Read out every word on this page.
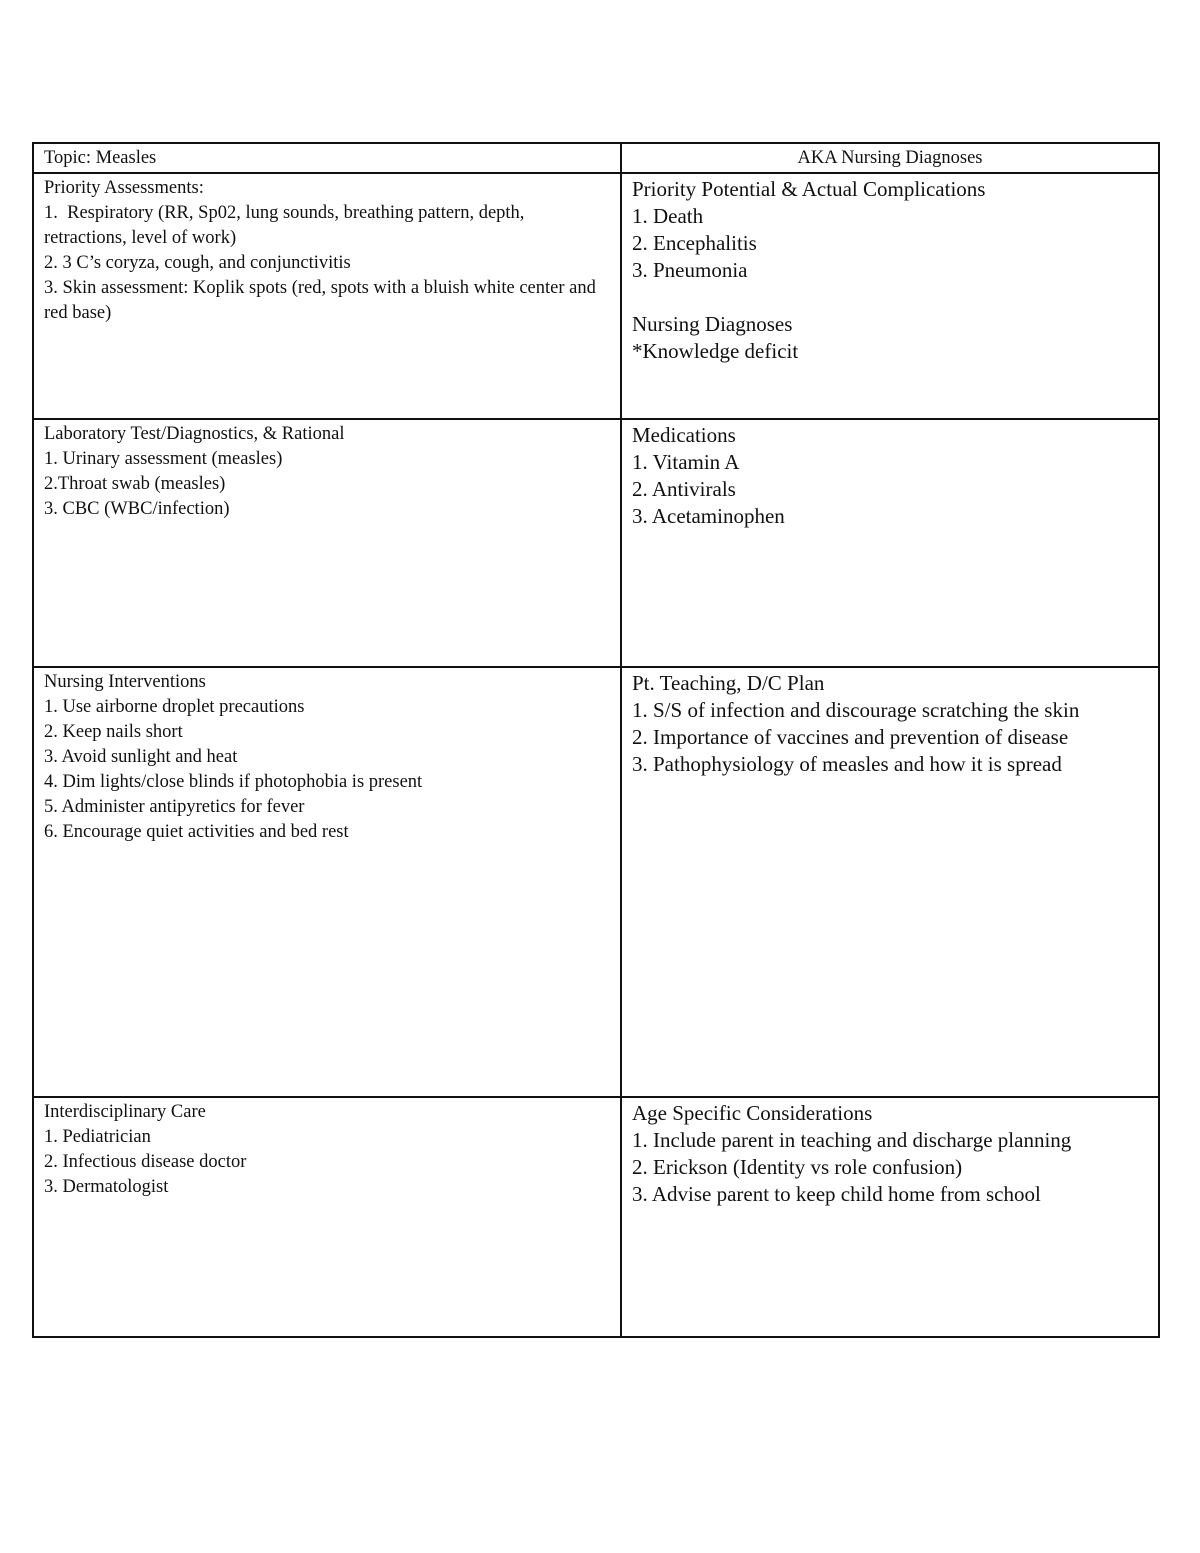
Topic: Measles	AKA Nursing Diagnoses
Priority Assessments:
1.  Respiratory (RR, Sp02, lung sounds, breathing pattern, depth, retractions, level of work)
2. 3 C’s coryza, cough, and conjunctivitis
3. Skin assessment: Koplik spots (red, spots with a bluish white center and red base)
Priority Potential & Actual Complications
1. Death
2. Encephalitis
3. Pneumonia
Nursing Diagnoses
*Knowledge deficit
Laboratory Test/Diagnostics, & Rational
1. Urinary assessment (measles)
2.Throat swab (measles)
3. CBC (WBC/infection)
Medications
1. Vitamin A
2. Antivirals
3. Acetaminophen
Nursing Interventions
1. Use airborne droplet precautions
2. Keep nails short
3. Avoid sunlight and heat
4. Dim lights/close blinds if photophobia is present
5. Administer antipyretics for fever
6. Encourage quiet activities and bed rest
Pt. Teaching, D/C Plan
1. S/S of infection and discourage scratching the skin
2. Importance of vaccines and prevention of disease
3. Pathophysiology of measles and how it is spread
Interdisciplinary Care
1. Pediatrician
2. Infectious disease doctor
3. Dermatologist
Age Specific Considerations
1. Include parent in teaching and discharge planning
2. Erickson (Identity vs role confusion)
3. Advise parent to keep child home from school
